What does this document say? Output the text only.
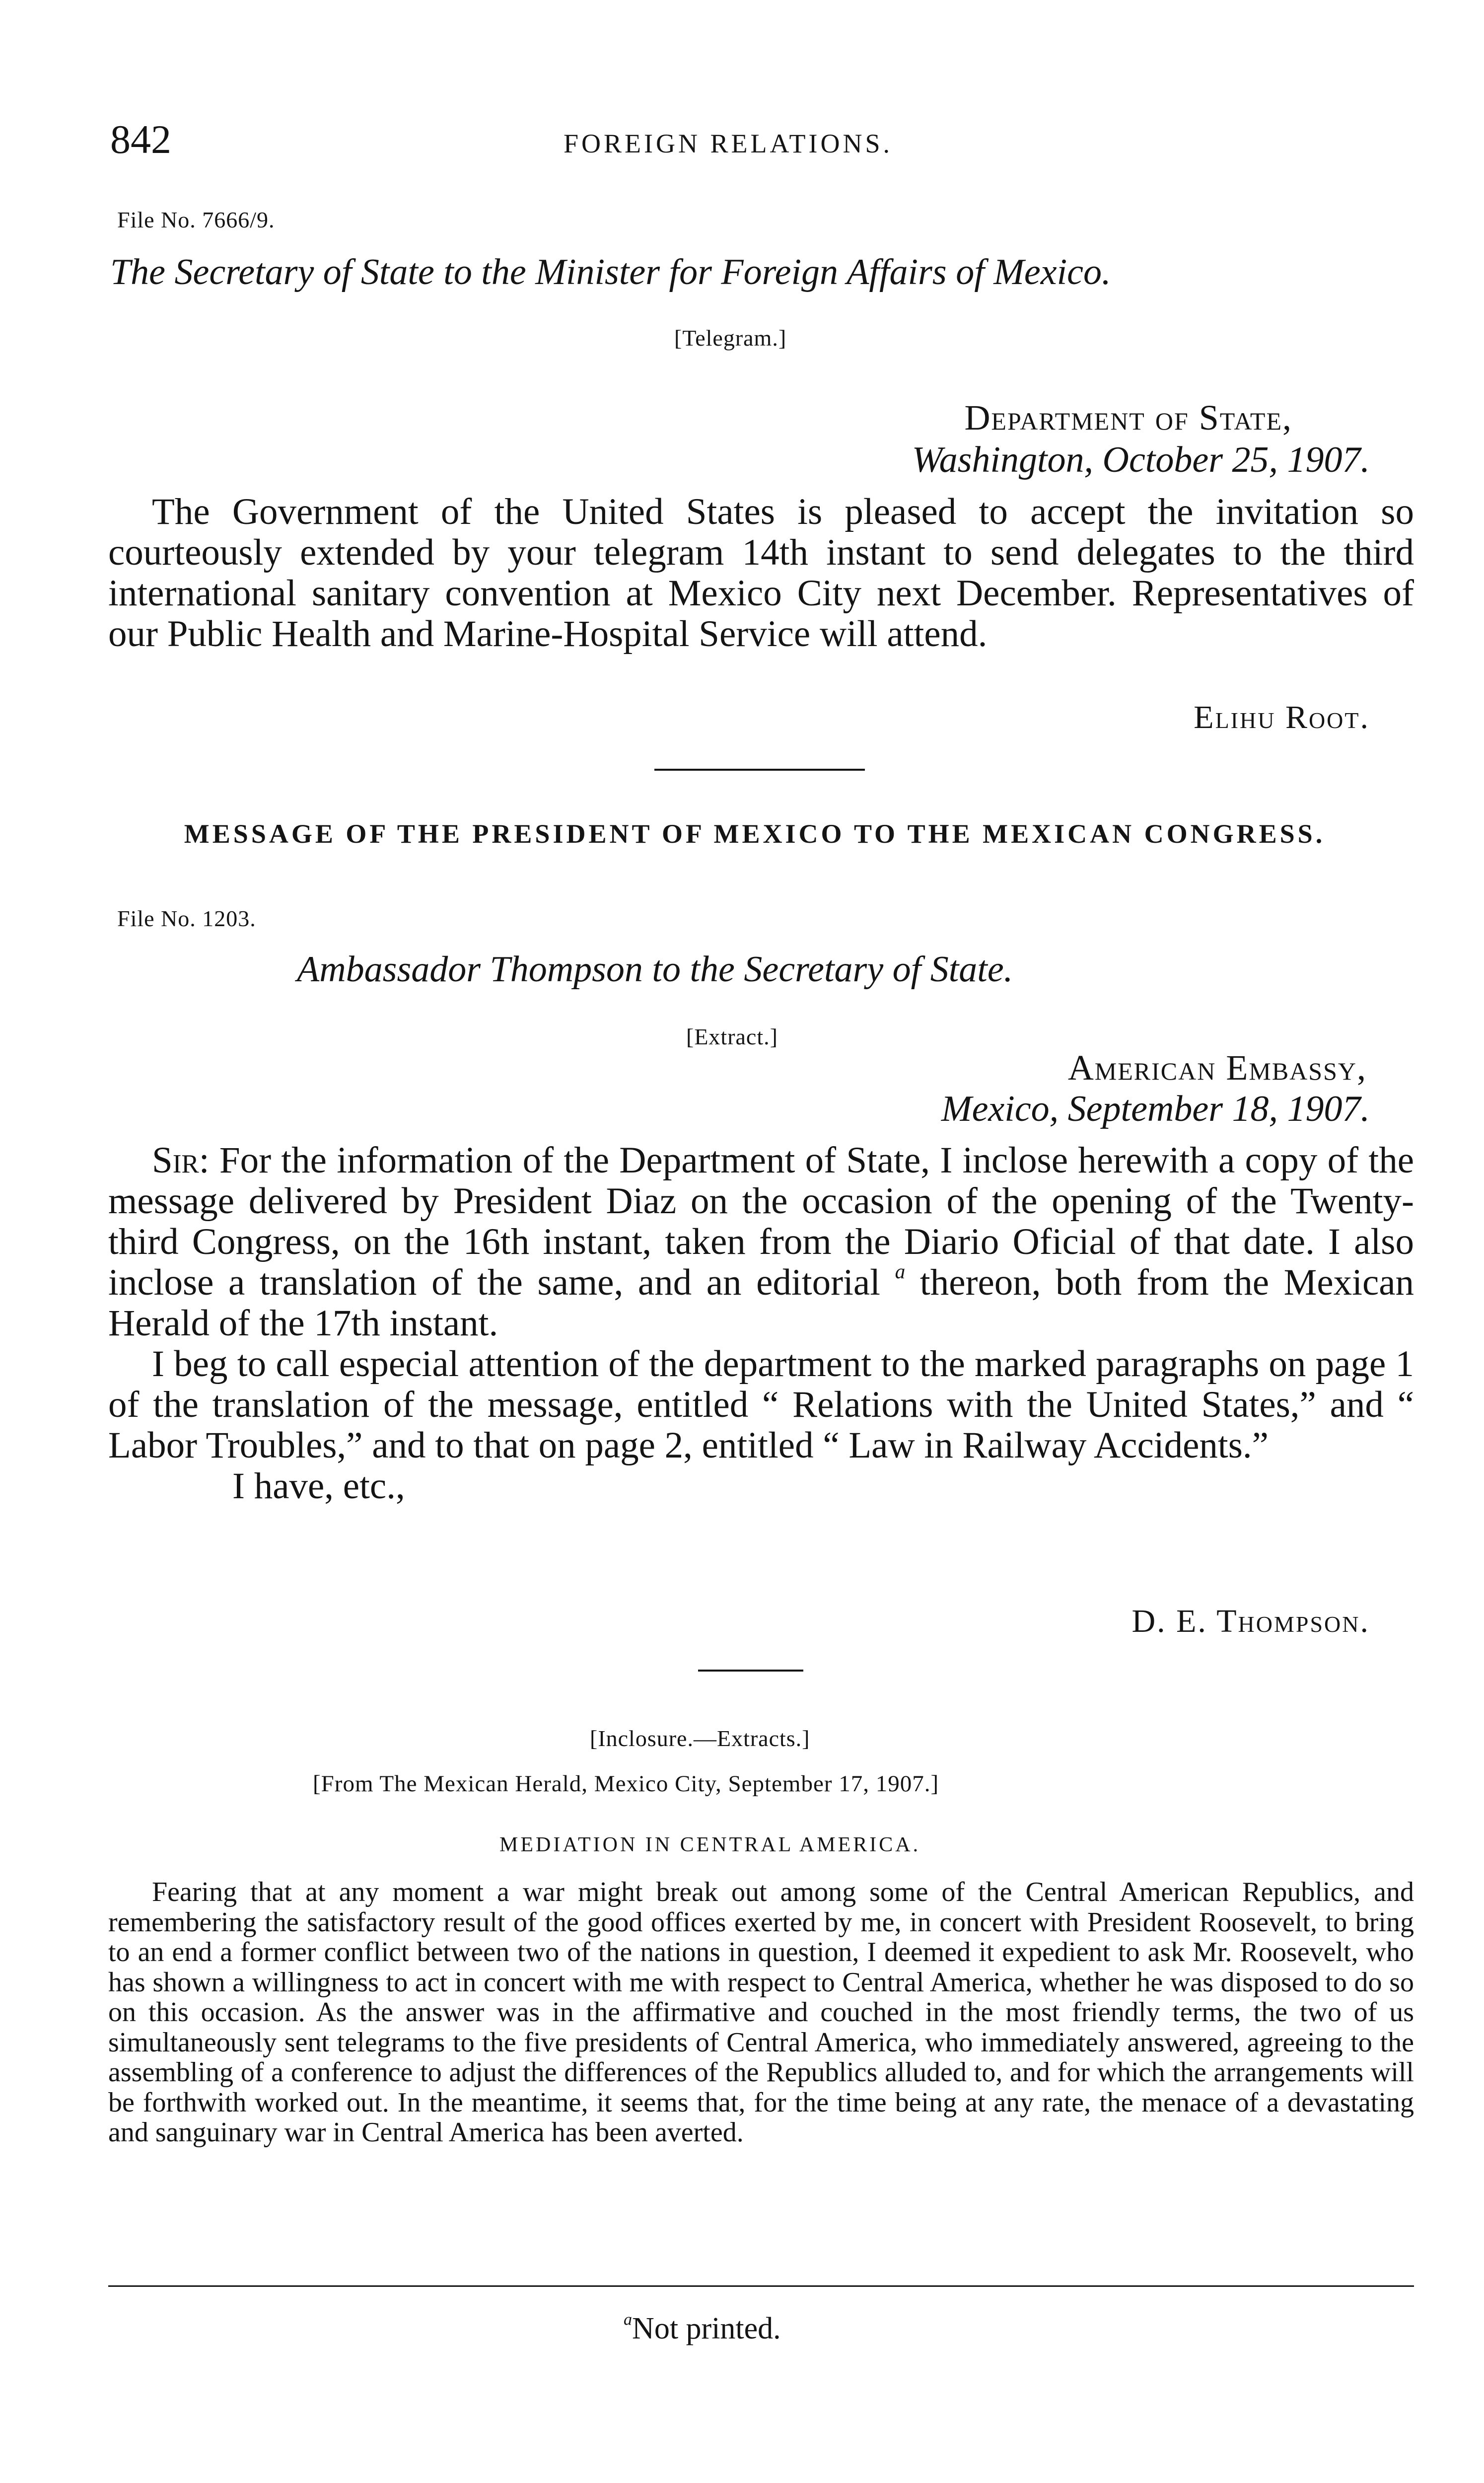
842	FOREIGN RELATIONS.
File No. 7666/9.
The Secretary of State to the Minister for Foreign Affairs of Mexico.
[Telegram.]
Department of State,
Washington, October 25, 1907.

The Government of the United States is pleased to accept the invitation so courteously extended by your telegram 14th instant to send delegates to the third international sanitary convention at Mexico City next December. Representatives of our Public Health and Marine-Hospital Service will attend.

Elihu Root.
MESSAGE OF THE PRESIDENT OF MEXICO TO THE MEXICAN CONGRESS.
File No. 1203.
Ambassador Thompson to the Secretary of State.
[Extract.]
American Embassy,
Mexico, September 18, 1907.

Sir: For the information of the Department of State, I inclose herewith a copy of the message delivered by President Diaz on the occasion of the opening of the Twenty-third Congress, on the 16th instant, taken from the Diario Oficial of that date. I also inclose a translation of the same, and an editorial $^a$ thereon, both from the Mexican Herald of the 17th instant.

I beg to call especial attention of the department to the marked paragraphs on page 1 of the translation of the message, entitled “ Relations with the United States,” and “ Labor Troubles,” and to that on page 2, entitled “ Law in Railway Accidents.”

I have, etc.,

D. E. Thompson.
[Inclosure.—Extracts.]
[From The Mexican Herald, Mexico City, September 17, 1907.]
MEDIATION IN CENTRAL AMERICA.

Fearing that at any moment a war might break out among some of the Central American Republics, and remembering the satisfactory result of the good offices exerted by me, in concert with President Roosevelt, to bring to an end a former conflict between two of the nations in question, I deemed it expedient to ask Mr. Roosevelt, who has shown a willingness to act in concert with me with respect to Central America, whether he was disposed to do so on this occasion. As the answer was in the affirmative and couched in the most friendly terms, the two of us simultaneously sent telegrams to the five presidents of Central America, who immediately answered, agreeing to the assembling of a conference to adjust the differences of the Republics alluded to, and for which the arrangements will be forthwith worked out. In the meantime, it seems that, for the time being at any rate, the menace of a devastating and sanguinary war in Central America has been averted.

$^a$Not printed.
